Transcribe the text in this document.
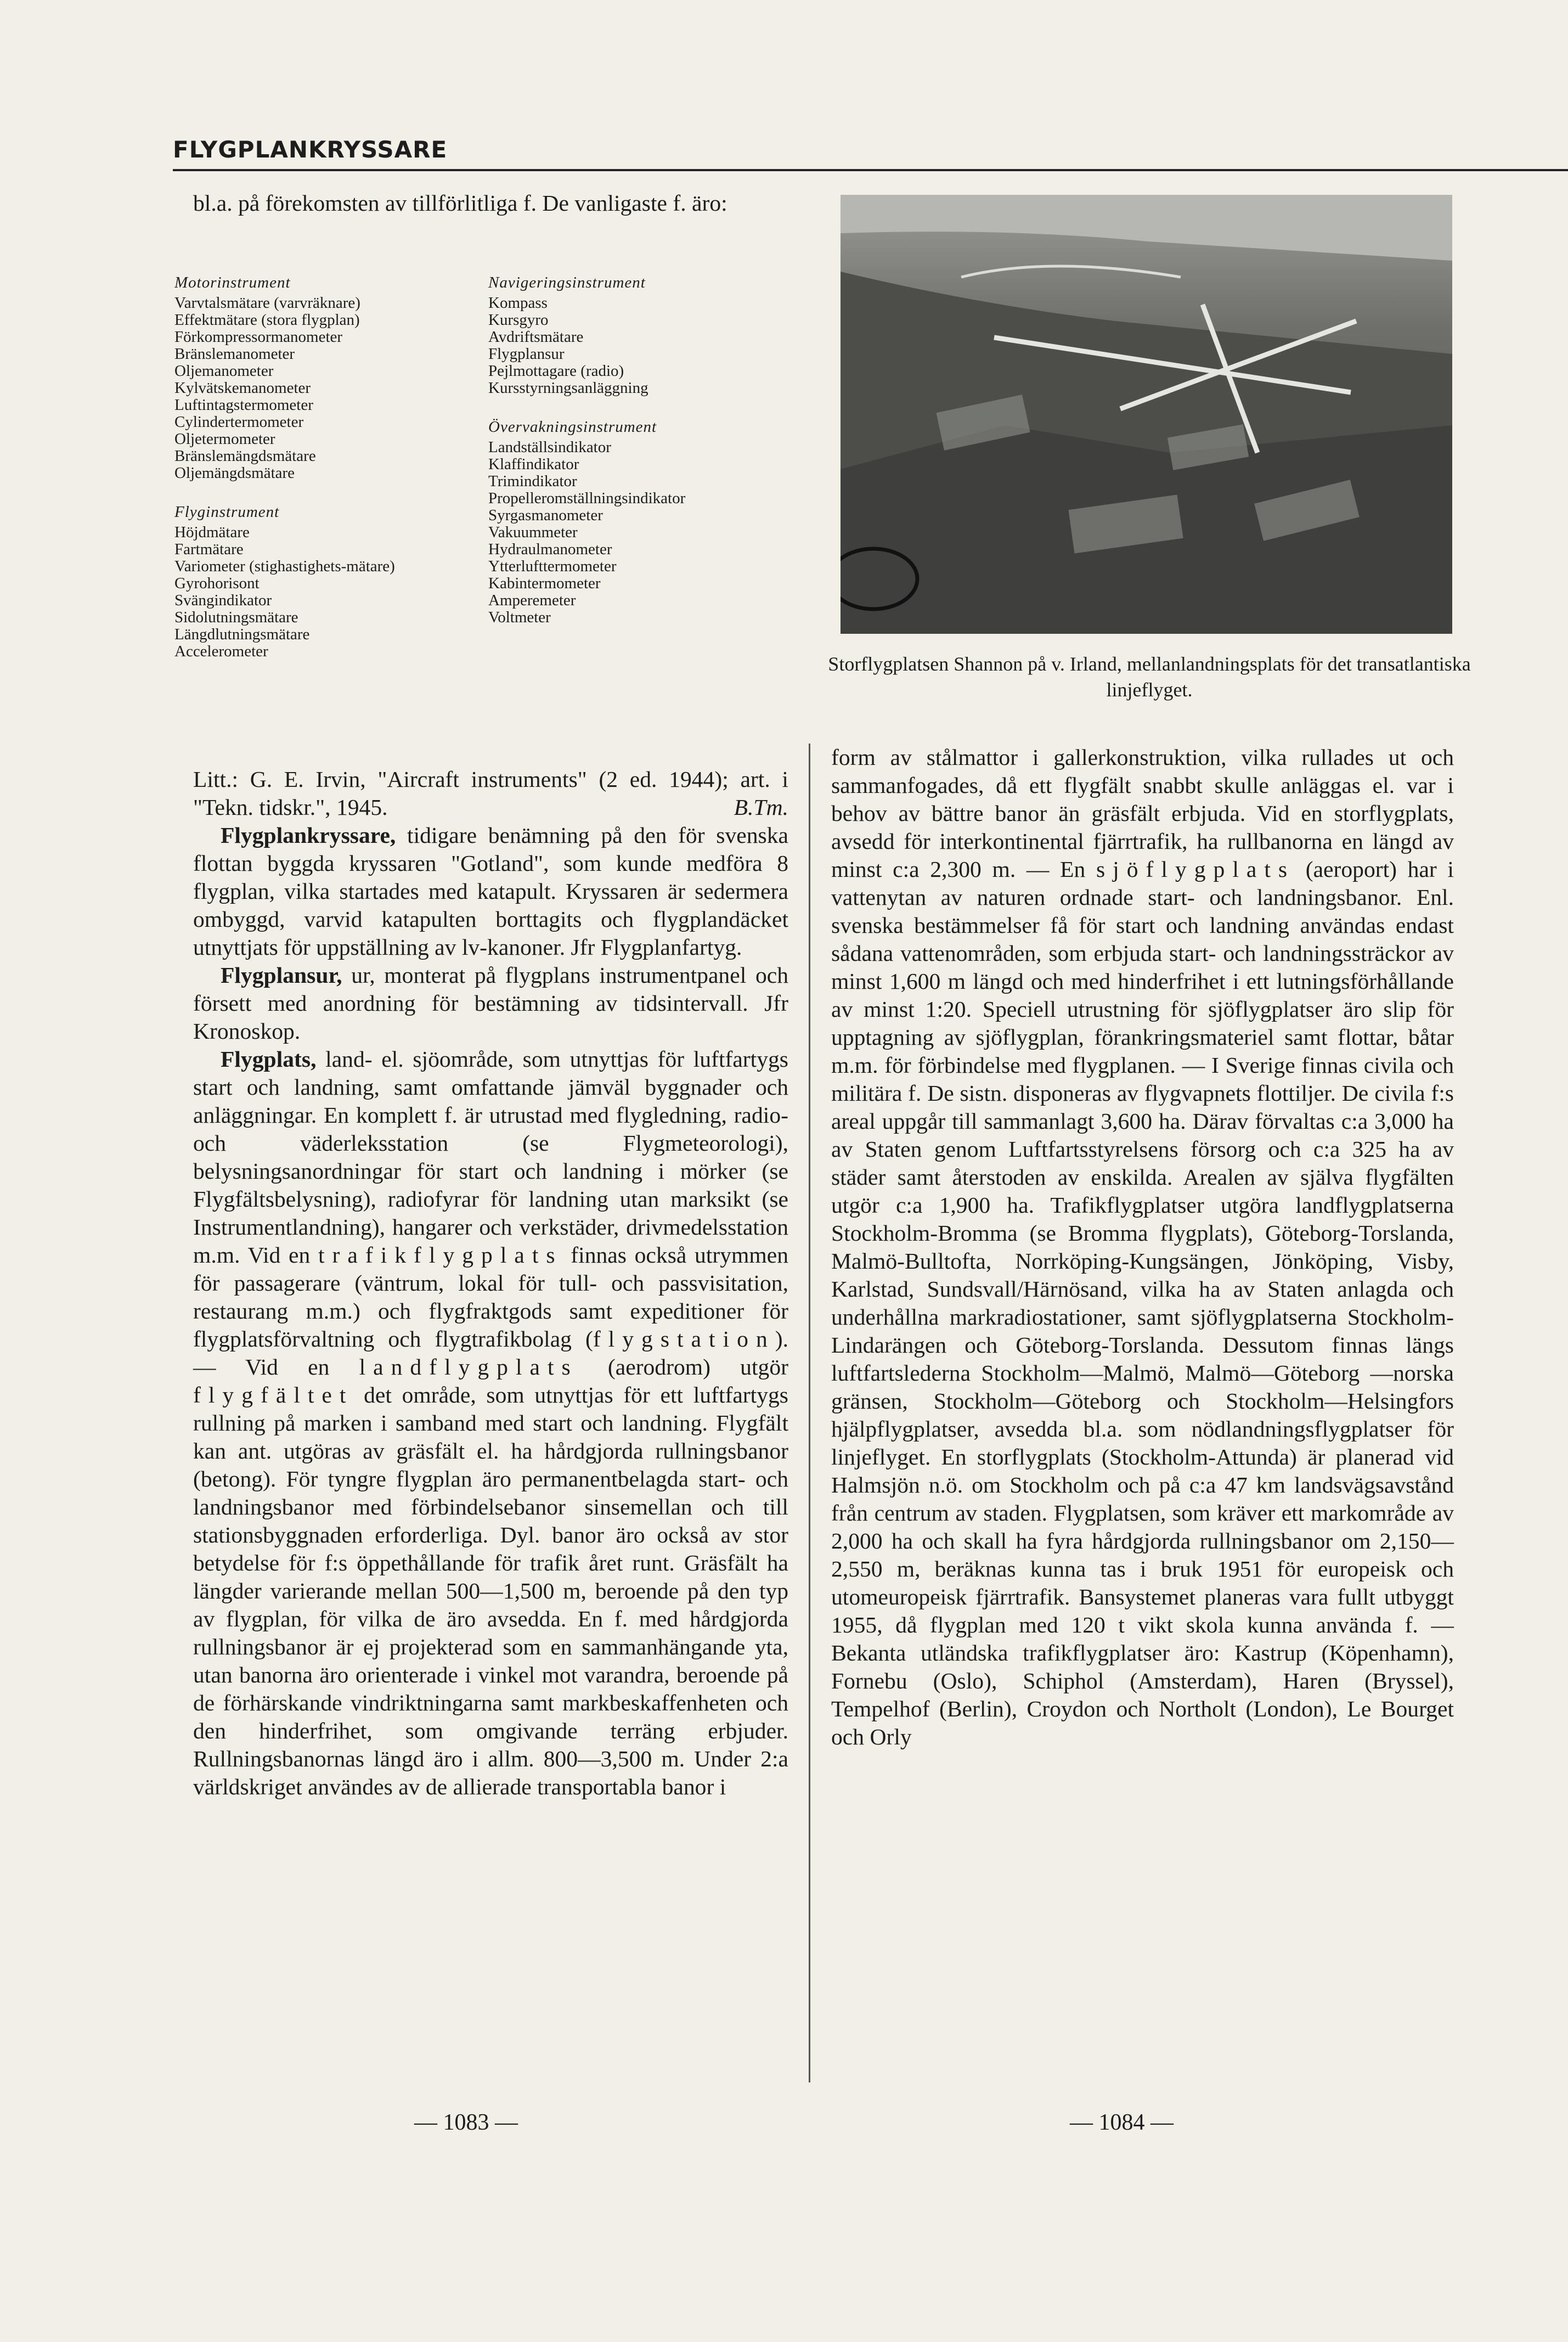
FLYGPLANKRYSSARE

bl.a. på förekomsten av tillförlitliga f. De vanligaste f. äro:

Motorinstrument
Varvtalsmätare (varvräknare)
Effektmätare (stora flygplan)
Förkompressormanometer
Bränslemanometer
Oljemanometer
Kylvätskemanometer
Luftintagstermometer
Cylindertermometer
Oljetermometer
Bränslemängdsmätare
Oljemängdsmätare
Flyginstrument
Höjdmätare
Fartmätare
Variometer (stighastighets-mätare)
Gyrohorisont
Svängindikator
Sidolutningsmätare
Längdlutningsmätare
Accelerometer
Navigeringsinstrument
Kompass
Kursgyro
Avdriftsmätare
Flygplansur
Pejlmottagare (radio)
Kursstyrningsanläggning
Övervakningsinstrument
Landställsindikator
Klaffindikator
Trimindikator
Propelleromställningsindikator
Syrgasmanometer
Vakuummeter
Hydraulmanometer
Ytterlufttermometer
Kabintermometer
Amperemeter
Voltmeter

Litt.: G. E. Irvin, "Aircraft instruments" (2 ed. 1944); art. i "Tekn. tidskr.", 1945.	B.Tm.

Flygplankryssare, tidigare benämning på den för svenska flottan byggda kryssaren "Gotland", som kunde medföra 8 flygplan, vilka startades med katapult. Kryssaren är sedermera ombyggd, varvid katapulten borttagits och flygplandäcket utnyttjats för uppställning av lv-kanoner. Jfr Flygplanfartyg.

Flygplansur, ur, monterat på flygplans instrumentpanel och försett med anordning för bestämning av tidsintervall. Jfr Kronoskop.

Flygplats, land- el. sjöområde, som utnyttjas för luftfartygs start och landning, samt omfattande jämväl byggnader och anläggningar. En komplett f. är utrustad med flygledning, radio- och väderleksstation (se Flygmeteorologi), belysningsanordningar för start och landning i mörker (se Flygfältsbelysning), radiofyrar för landning utan marksikt (se Instrumentlandning), hangarer och verkstäder, drivmedelsstation m.m. Vid en trafikflygplats finnas också utrymmen för passagerare (väntrum, lokal för tull- och passvisitation, restaurang m.m.) och flygfraktgods samt expeditioner för flygplatsförvaltning och flygtrafikbolag (flygstation). — Vid en landflygplats (aerodrom) utgör flygfältet det område, som utnyttjas för ett luftfartygs rullning på marken i samband med start och landning. Flygfält kan ant. utgöras av gräsfält el. ha hårdgjorda rullningsbanor (betong). För tyngre flygplan äro permanentbelagda start- och landningsbanor med förbindelsebanor sinsemellan och till stationsbyggnaden erforderliga. Dyl. banor äro också av stor betydelse för f:s öppethållande för trafik året runt. Gräsfält ha längder varierande mellan 500—1,500 m, beroende på den typ av flygplan, för vilka de äro avsedda. En f. med hårdgjorda rullningsbanor är ej projekterad som en sammanhängande yta, utan banorna äro orienterade i vinkel mot varandra, beroende på de förhärskande vindriktningarna samt markbeskaffenheten och den hinderfrihet, som omgivande terräng erbjuder. Rullningsbanornas längd äro i allm. 800—3,500 m. Under 2:a världskriget användes av de allierade transportabla banor i

Storflygplatsen Shannon på v. Irland, mellanlandningsplats för det transatlantiska linjeflyget.

form av stålmattor i gallerkonstruktion, vilka rullades ut och sammanfogades, då ett flygfält snabbt skulle anläggas el. var i behov av bättre banor än gräsfält erbjuda. Vid en storflygplats, avsedd för interkontinental fjärrtrafik, ha rullbanorna en längd av minst c:a 2,300 m. — En sjöflygplats (aeroport) har i vattenytan av naturen ordnade start- och landningsbanor. Enl. svenska bestämmelser få för start och landning användas endast sådana vattenområden, som erbjuda start- och landningssträckor av minst 1,600 m längd och med hinderfrihet i ett lutningsförhållande av minst 1:20. Speciell utrustning för sjöflygplatser äro slip för upptagning av sjöflygplan, förankringsmateriel samt flottar, båtar m.m. för förbindelse med flygplanen. — I Sverige finnas civila och militära f. De sistn. disponeras av flygvapnets flottiljer. De civila f:s areal uppgår till sammanlagt 3,600 ha. Därav förvaltas c:a 3,000 ha av Staten genom Luftfartsstyrelsens försorg och c:a 325 ha av städer samt återstoden av enskilda. Arealen av själva flygfälten utgör c:a 1,900 ha. Trafikflygplatser utgöra landflygplatserna Stockholm-Bromma (se Bromma flygplats), Göteborg-Torslanda, Malmö-Bulltofta, Norrköping-Kungsängen, Jönköping, Visby, Karlstad, Sundsvall/Härnösand, vilka ha av Staten anlagda och underhållna markradiostationer, samt sjöflygplatserna Stockholm-Lindarängen och Göteborg-Torslanda. Dessutom finnas längs luftfartslederna Stockholm—Malmö, Malmö—Göteborg —norska gränsen, Stockholm—Göteborg och Stockholm—Helsingfors hjälpflygplatser, avsedda bl.a. som nödlandningsflygplatser för linjeflyget. En storflygplats (Stockholm-Attunda) är planerad vid Halmsjön n.ö. om Stockholm och på c:a 47 km landsvägsavstånd från centrum av staden. Flygplatsen, som kräver ett markområde av 2,000 ha och skall ha fyra hårdgjorda rullningsbanor om 2,150—2,550 m, beräknas kunna tas i bruk 1951 för europeisk och utomeuropeisk fjärrtrafik. Bansystemet planeras vara fullt utbyggt 1955, då flygplan med 120 t vikt skola kunna använda f. — Bekanta utländska trafikflygplatser äro: Kastrup (Köpenhamn), Fornebu (Oslo), Schiphol (Amsterdam), Haren (Bryssel), Tempelhof (Berlin), Croydon och Northolt (London), Le Bourget och Orly

— 1083 —	— 1084 —
